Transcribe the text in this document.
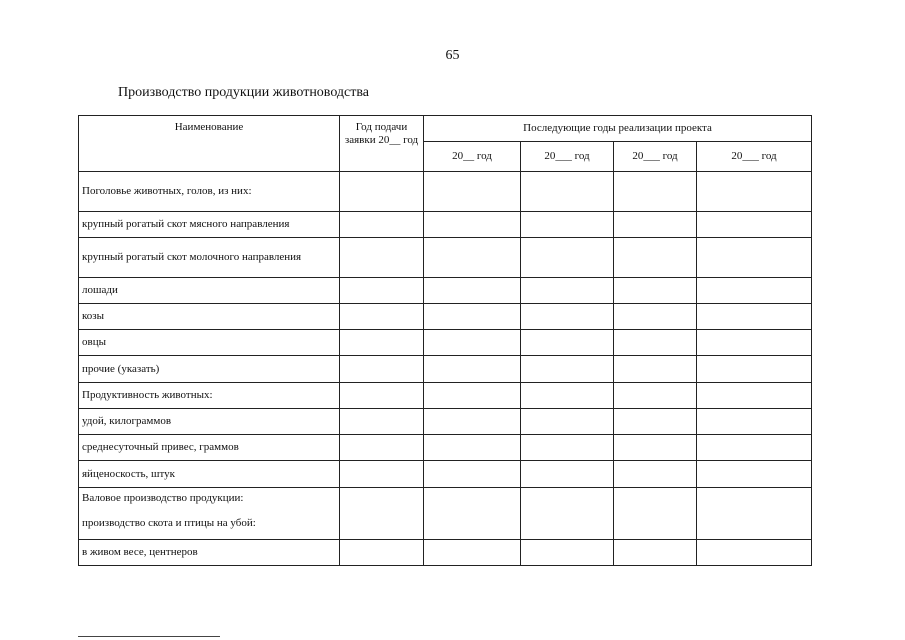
65
Производство продукции животноводства
Наименование	Год подачи заявки 20__ год	Последующие годы реализации проекта			
		20__ год	20___ год	20___ год	20___ год
Поголовье животных, голов, из них:					
крупный рогатый скот мясного направления					
крупный рогатый скот молочного направления					
лошади					
козы					
овцы					
прочие (указать)					
Продуктивность животных:					
удой, килограммов					
среднесуточный привес, граммов					
яйценоскость, штук					
Валовое производство продукции:
производство скота и птицы на убой:					
в живом весе, центнеров					
